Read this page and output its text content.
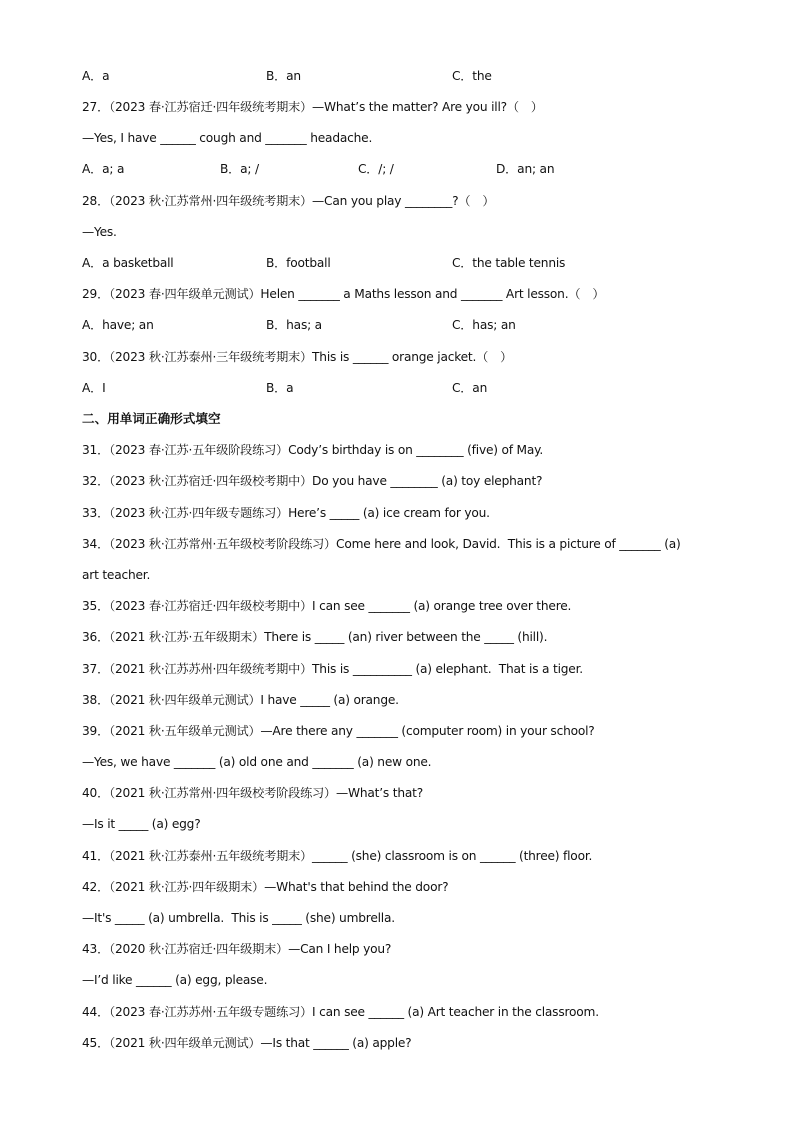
A．a	B．an	C．the
27．（2023 春·江苏宿迁·四年级统考期末）—What’s the matter? Are you ill?（　）
—Yes, I have ______ cough and _______ headache.
A．a; a	B．a; /	C．/; /	D．an; an
28．（2023 秋·江苏常州·四年级统考期末）—Can you play ________?（　）
—Yes.
A．a basketball	B．football	C．the table tennis
29．（2023 春·四年级单元测试）Helen _______ a Maths lesson and _______ Art lesson.（　）
A．have; an	B．has; a	C．has; an
30．（2023 秋·江苏泰州·三年级统考期末）This is ______ orange jacket.（　）
A．I	B．a	C．an
二、用单词正确形式填空
31．（2023 春·江苏·五年级阶段练习）Cody’s birthday is on ________ (five) of May.
32．（2023 秋·江苏宿迁·四年级校考期中）Do you have ________ (a) toy elephant?
33．（2023 秋·江苏·四年级专题练习）Here’s _____ (a) ice cream for you.
34．（2023 秋·江苏常州·五年级校考阶段练习）Come here and look, David.  This is a picture of _______ (a)
art teacher.
35．（2023 春·江苏宿迁·四年级校考期中）I can see _______ (a) orange tree over there.
36．（2021 秋·江苏·五年级期末）There is _____ (an) river between the _____ (hill).
37．（2021 秋·江苏苏州·四年级统考期中）This is __________ (a) elephant.  That is a tiger.
38．（2021 秋·四年级单元测试）I have _____ (a) orange.
39．（2021 秋·五年级单元测试）—Are there any _______ (computer room) in your school?
—Yes, we have _______ (a) old one and _______ (a) new one.
40．（2021 秋·江苏常州·四年级校考阶段练习）—What’s that?
—Is it _____ (a) egg?
41．（2021 秋·江苏泰州·五年级统考期末）______ (she) classroom is on ______ (three) floor.
42．（2021 秋·江苏·四年级期末）—What's that behind the door?
—It's _____ (a) umbrella.  This is _____ (she) umbrella.
43．（2020 秋·江苏宿迁·四年级期末）—Can I help you?
—I’d like ______ (a) egg, please.
44．（2023 春·江苏苏州·五年级专题练习）I can see ______ (a) Art teacher in the classroom.
45．（2021 秋·四年级单元测试）—Is that ______ (a) apple?
